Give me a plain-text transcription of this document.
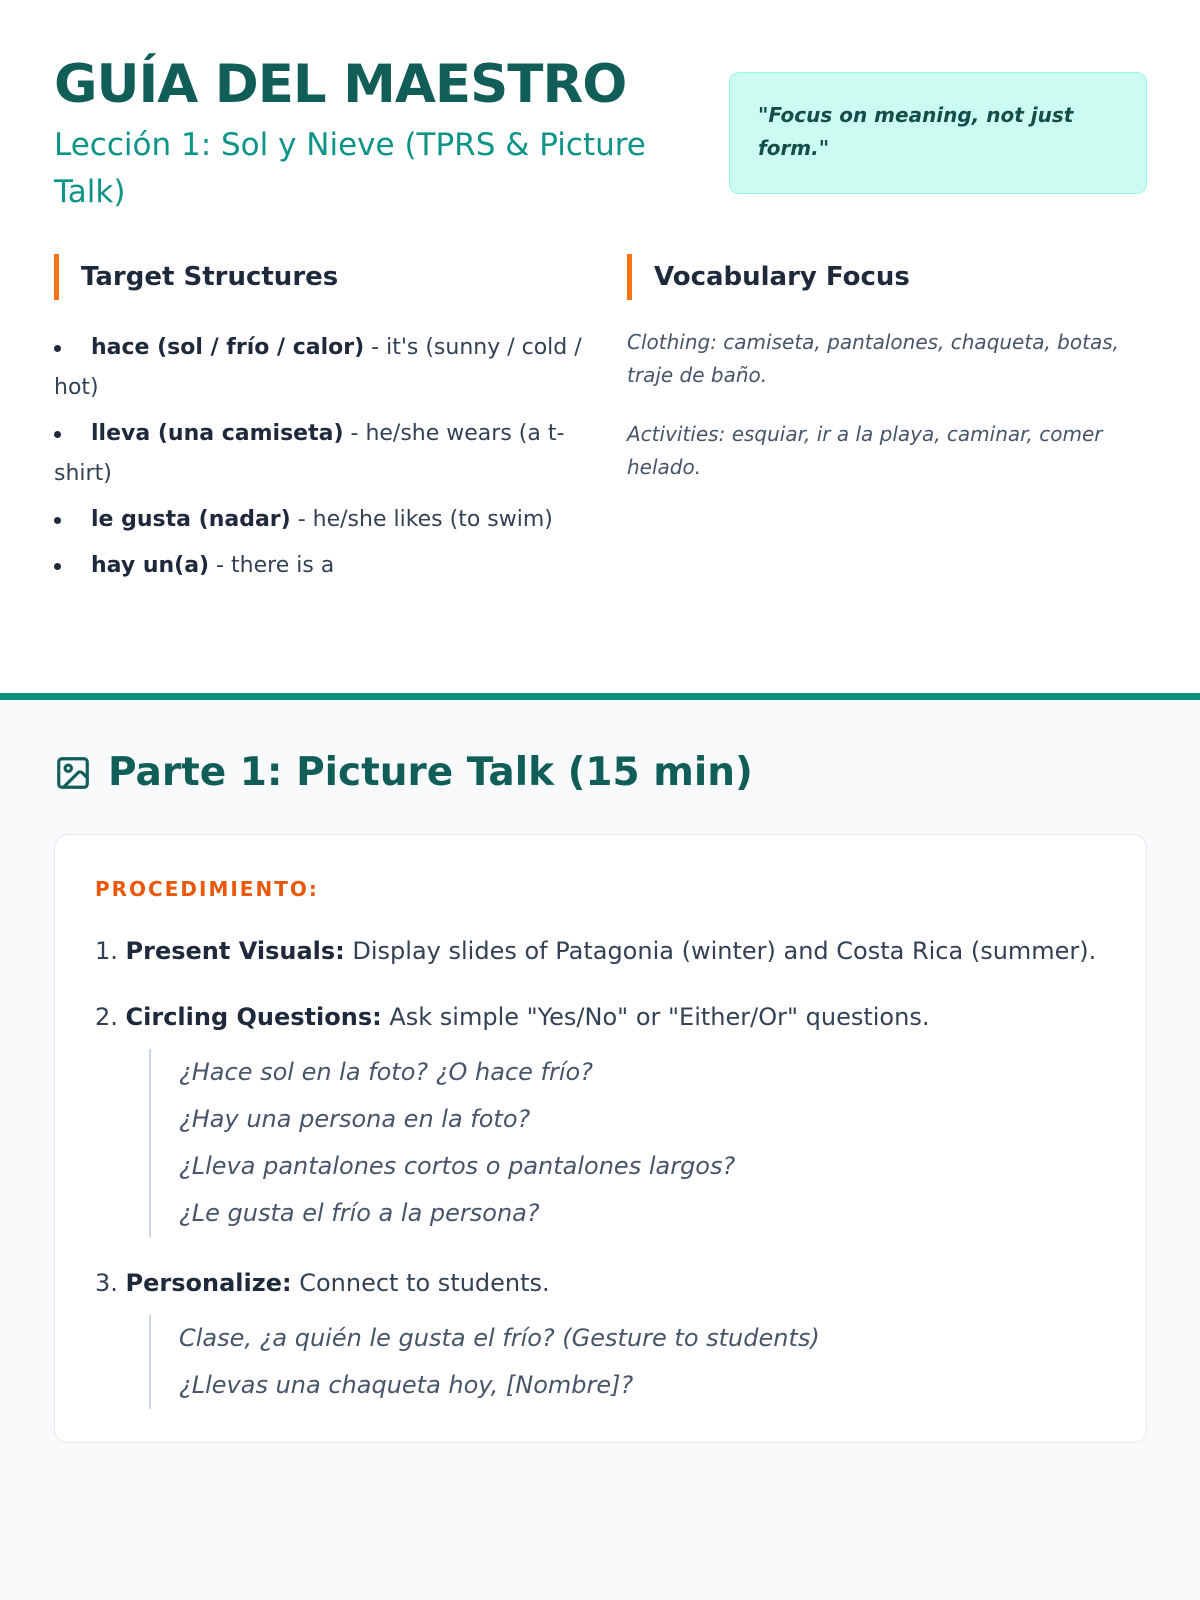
GUÍA DEL MAESTRO
Lección 1: Sol y Nieve (TPRS & Picture Talk)
"Focus on meaning, not just form."
Target Structures
hace (sol / frío / calor) - it's (sunny / cold / hot)
lleva (una camiseta) - he/she wears (a t-shirt)
le gusta (nadar) - he/she likes (to swim)
hay un(a) - there is a
Vocabulary Focus

Clothing: camiseta, pantalones, chaqueta, botas, traje de baño.

Activities: esquiar, ir a la playa, caminar, comer helado.

Parte 1: Picture Talk (15 min)
PROCEDIMIENTO:
1. Present Visuals: Display slides of Patagonia (winter) and Costa Rica (summer).
2. Circling Questions: Ask simple "Yes/No" or "Either/Or" questions.
¿Hace sol en la foto? ¿O hace frío?
¿Hay una persona en la foto?
¿Lleva pantalones cortos o pantalones largos?
¿Le gusta el frío a la persona?
3. Personalize: Connect to students.
Clase, ¿a quién le gusta el frío? (Gesture to students)
¿Llevas una chaqueta hoy, [Nombre]?
